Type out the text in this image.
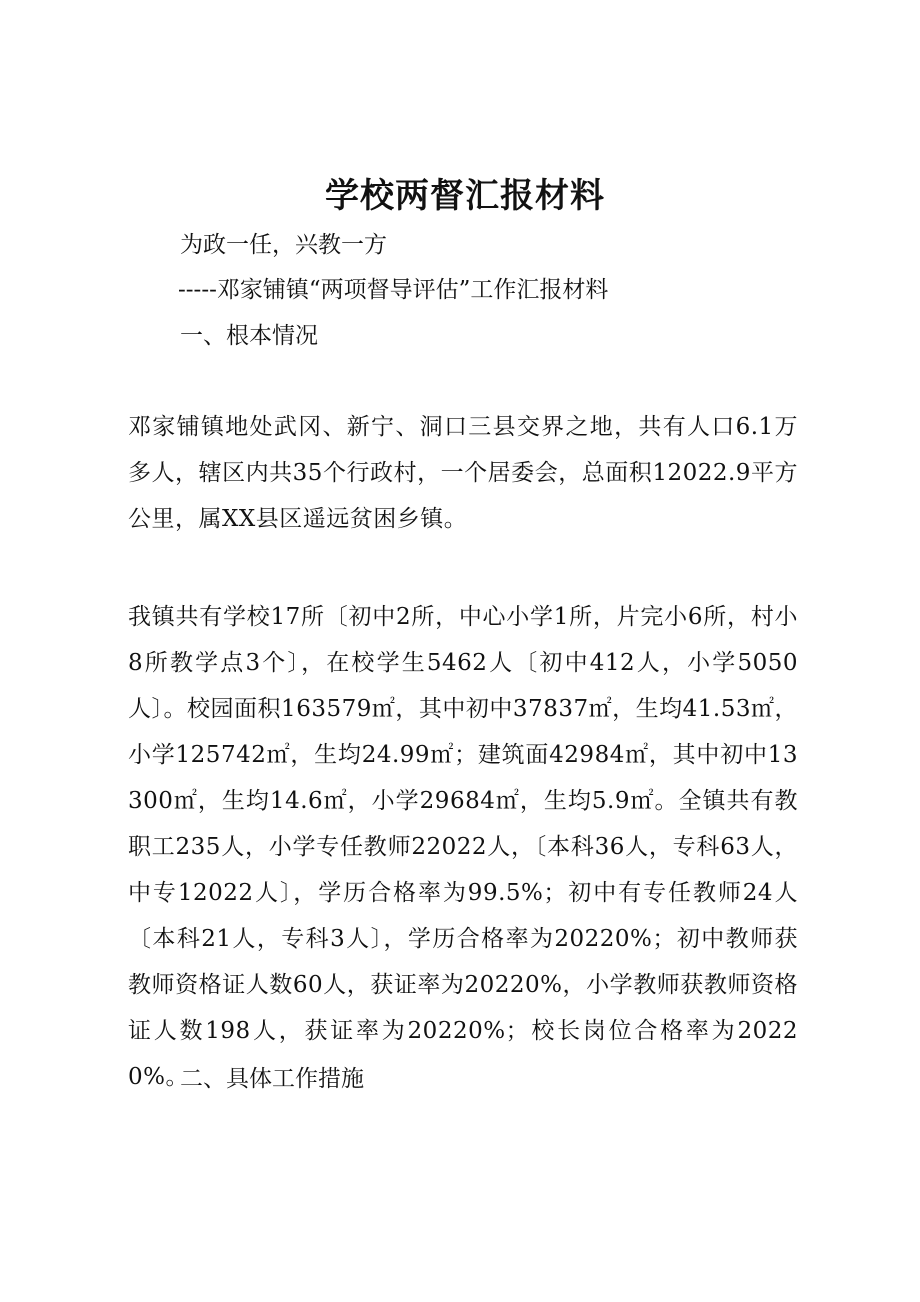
学校两督汇报材料
为政一任，兴教一方
-----邓家铺镇“两项督导评估”工作汇报材料
一、根本情况
邓家铺镇地处武冈、新宁、洞口三县交界之地，共有人口6.1万多人，辖区内共35个行政村，一个居委会，总面积12022.9平方公里，属XX县区遥远贫困乡镇。
我镇共有学校17所〔初中2所，中心小学1所，片完小6所，村小8所教学点3个〕，在校学生5462人〔初中412人，小学5050人〕。校园面积163579㎡，其中初中37837㎡，生均41.53㎡，小学125742㎡，生均24.99㎡；建筑面42984㎡，其中初中13300㎡，生均14.6㎡，小学29684㎡，生均5.9㎡。全镇共有教职工235人，小学专任教师22022人，〔本科36人，专科63人，中专12022人〕，学历合格率为99.5%；初中有专任教师24人〔本科21人，专科3人〕，学历合格率为20220%；初中教师获教师资格证人数60人，获证率为20220%，小学教师获教师资格证人数198人，获证率为20220%；校长岗位合格率为20220%。
二、具体工作措施
